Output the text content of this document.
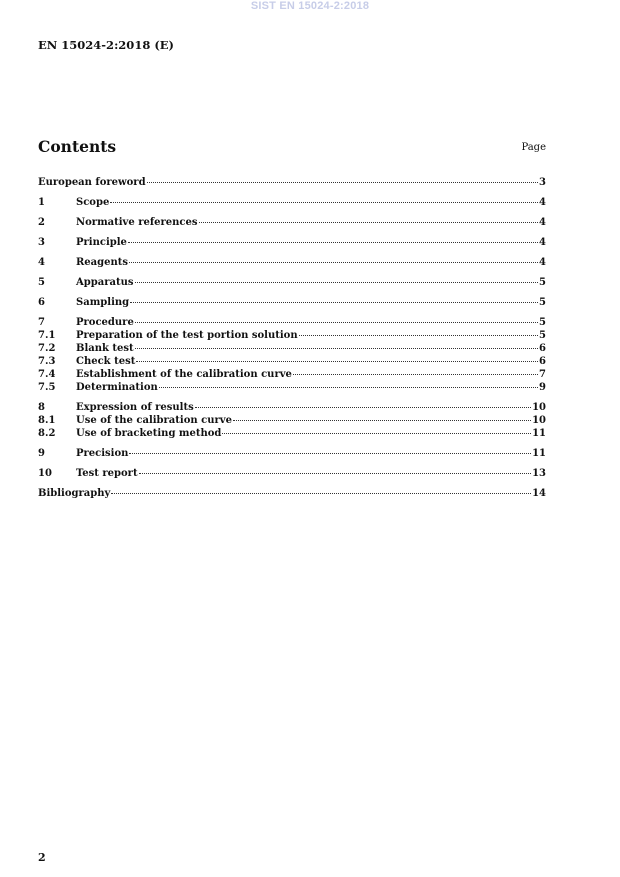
SIST EN 15024-2:2018
EN 15024-2:2018 (E)
Contents	Page
European foreword	3
1	Scope	4
2	Normative references	4
3	Principle	4
4	Reagents	4
5	Apparatus	5
6	Sampling	5
7	Procedure	5
7.1	Preparation of the test portion solution	5
7.2	Blank test	6
7.3	Check test	6
7.4	Establishment of the calibration curve	7
7.5	Determination	9
8	Expression of results	10
8.1	Use of the calibration curve	10
8.2	Use of bracketing method	11
9	Precision	11
10	Test report	13
Bibliography	14
2
